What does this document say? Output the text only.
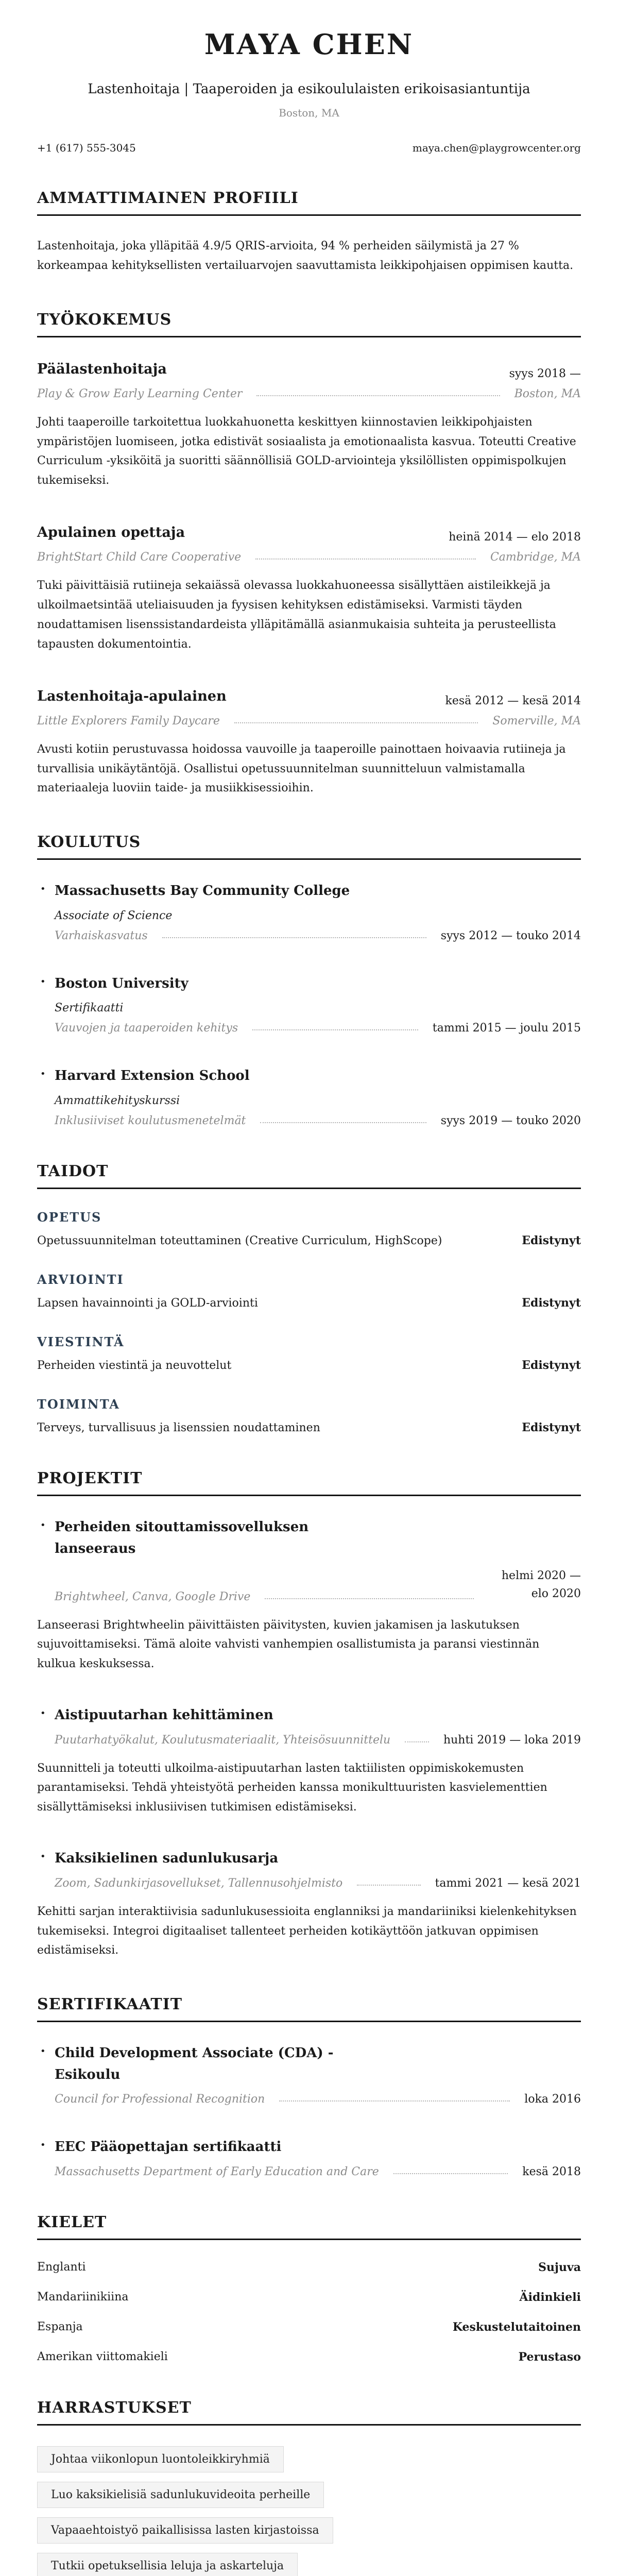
MAYA CHEN
Lastenhoitaja | Taaperoiden ja esikoululaisten erikoisasiantuntija
Boston, MA
+1 (617) 555-3045	maya.chen@playgrowcenter.org
AMMATTIMAINEN PROFIILI

Lastenhoitaja, joka ylläpitää 4.9/5 QRIS-arvioita, 94 % perheiden säilymistä ja 27 % korkeampaa kehityksellisten vertailuarvojen saavuttamista leikkipohjaisen oppimisen kautta.

TYÖKOKEMUS
Päälastenhoitaja	syys 2018 —
Play & Grow Early Learning Center	Boston, MA

Johti taaperoille tarkoitettua luokkahuonetta keskittyen kiinnostavien leikkipohjaisten ympäristöjen luomiseen, jotka edistivät sosiaalista ja emotionaalista kasvua. Toteutti Creative Curriculum -yksiköitä ja suoritti säännöllisiä GOLD-arviointeja yksilöllisten oppimispolkujen tukemiseksi.

Apulainen opettaja	heinä 2014 — elo 2018
BrightStart Child Care Cooperative	Cambridge, MA

Tuki päivittäisiä rutiineja sekaiässä olevassa luokkahuoneessa sisällyttäen aistileikkejä ja ulkoilmaetsintää uteliaisuuden ja fyysisen kehityksen edistämiseksi. Varmisti täyden noudattamisen lisenssistandardeista ylläpitämällä asianmukaisia suhteita ja perusteellista tapausten dokumentointia.

Lastenhoitaja-apulainen	kesä 2012 — kesä 2014
Little Explorers Family Daycare	Somerville, MA

Avusti kotiin perustuvassa hoidossa vauvoille ja taaperoille painottaen hoivaavia rutiineja ja turvallisia unikäytäntöjä. Osallistui opetussuunnitelman suunnitteluun valmistamalla materiaaleja luoviin taide- ja musiikkisessioihin.

KOULUTUS
• Massachusetts Bay Community College
Associate of Science
Varhaiskasvatus	syys 2012 — touko 2014
• Boston University
Sertifikaatti
Vauvojen ja taaperoiden kehitys	tammi 2015 — joulu 2015
• Harvard Extension School
Ammattikehityskurssi
Inklusiiviset koulutusmenetelmät	syys 2019 — touko 2020
TAIDOT
OPETUS
Opetussuunnitelman toteuttaminen (Creative Curriculum, HighScope)	Edistynyt
ARVIOINTI
Lapsen havainnointi ja GOLD-arviointi	Edistynyt
VIESTINTÄ
Perheiden viestintä ja neuvottelut	Edistynyt
TOIMINTA
Terveys, turvallisuus ja lisenssien noudattaminen	Edistynyt
PROJEKTIT
• Perheiden sitouttamissovelluksen lanseeraus
Brightwheel, Canva, Google Drive
helmi 2020 — elo 2020

Lanseerasi Brightwheelin päivittäisten päivitysten, kuvien jakamisen ja laskutuksen sujuvoittamiseksi. Tämä aloite vahvisti vanhempien osallistumista ja paransi viestinnän kulkua keskuksessa.

• Aistipuutarhan kehittäminen
Puutarhatyökalut, Koulutusmateriaalit, Yhteisösuunnittelu	huhti 2019 — loka 2019

Suunnitteli ja toteutti ulkoilma-aistipuutarhan lasten taktiilisten oppimiskokemusten parantamiseksi. Tehdä yhteistyötä perheiden kanssa monikulttuuristen kasvielementtien sisällyttämiseksi inklusiivisen tutkimisen edistämiseksi.

• Kaksikielinen sadunlukusarja
Zoom, Sadunkirjasovellukset, Tallennusohjelmisto	tammi 2021 — kesä 2021

Kehitti sarjan interaktiivisia sadunlukusessioita englanniksi ja mandariiniksi kielenkehityksen tukemiseksi. Integroi digitaaliset tallenteet perheiden kotikäyttöön jatkuvan oppimisen edistämiseksi.

SERTIFIKAATIT
• Child Development Associate (CDA) - Esikoulu
Council for Professional Recognition	loka 2016
• EEC Pääopettajan sertifikaatti
Massachusetts Department of Early Education and Care	kesä 2018
KIELET
Englanti	Sujuva
Mandariinikiina	Äidinkieli
Espanja	Keskustelutaitoinen
Amerikan viittomakieli	Perustaso
HARRASTUKSET
Johtaa viikonlopun luontoleikkiryhmiä
Luo kaksikielisiä sadunlukuvideoita perheille
Vapaaehtoistyö paikallisissa lasten kirjastoissa
Tutkii opetuksellisia leluja ja askarteluja
